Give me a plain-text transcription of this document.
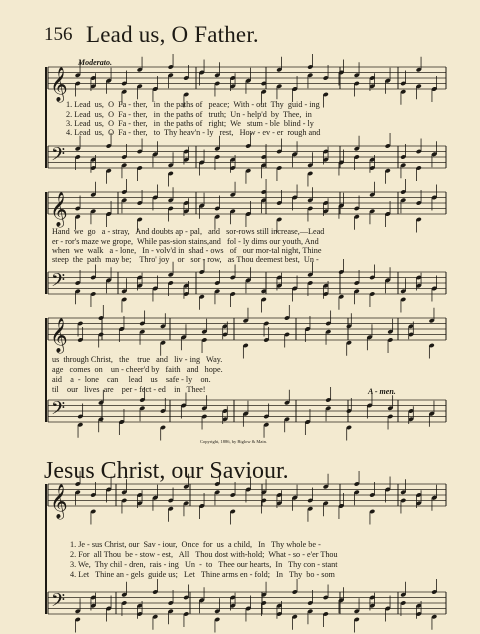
156 Lead us, O Father.
Moderato.
𝄞
𝄢
𝄞
𝄢
𝄞
𝄢
𝄞
𝄢
1. Lead  us,  O  Fa - ther,   in  the paths of   peace;  With - out  Thy  guid - ing
2. Lead  us,  O  Fa - ther,   in  the paths of   truth;  Un - help'd  by  Thee,  in
3. Lead  us,  O  Fa - ther,   in  the paths of   right;  We   stum - ble  blind - ly
4. Lead  us,  O  Fa - ther,   to  Thy heav'n - ly   rest,   How - ev - er  rough and
Hand  we  go   a - stray,   And doubts ap - pal,   and   sor-rows still increase,—Lead
er - ror's maze we grope,  While pas-sion stains,and   fol - ly dims our youth, And
when  we  walk   a - lone,   In - volv'd in  shad - ows   of   our mor-tal night, Thine
steep  the  path  may be;    Thro' joy    or   sor - row,   as Thou deemest best,  Un -
us  through Christ,   the    true   and   liv - ing   Way.
age   comes  on    un - cheer'd by   faith   and   hope.
aid    a  -  lone    can     lead    us    safe - ly    on.
til    our   lives  are    per - fect - ed    in   Thee!	A - men.
Copyright, 1886, by Biglow & Main.
Jesus Christ, our Saviour.
1. Je - sus Christ, our  Sav - iour,  Once  for  us  a child,   In   Thy whole be -
2. For  all Thou  be - stow - est,   All   Thou dost with-hold;  What - so - e'er Thou
3. We,  Thy chil - dren,  rais - ing   Un  -  to   Thee our hearts,  In   Thy con - stant
4. Let   Thine an - gels  guide us;   Let   Thine arms en - fold;   In   Thy  bo - som
